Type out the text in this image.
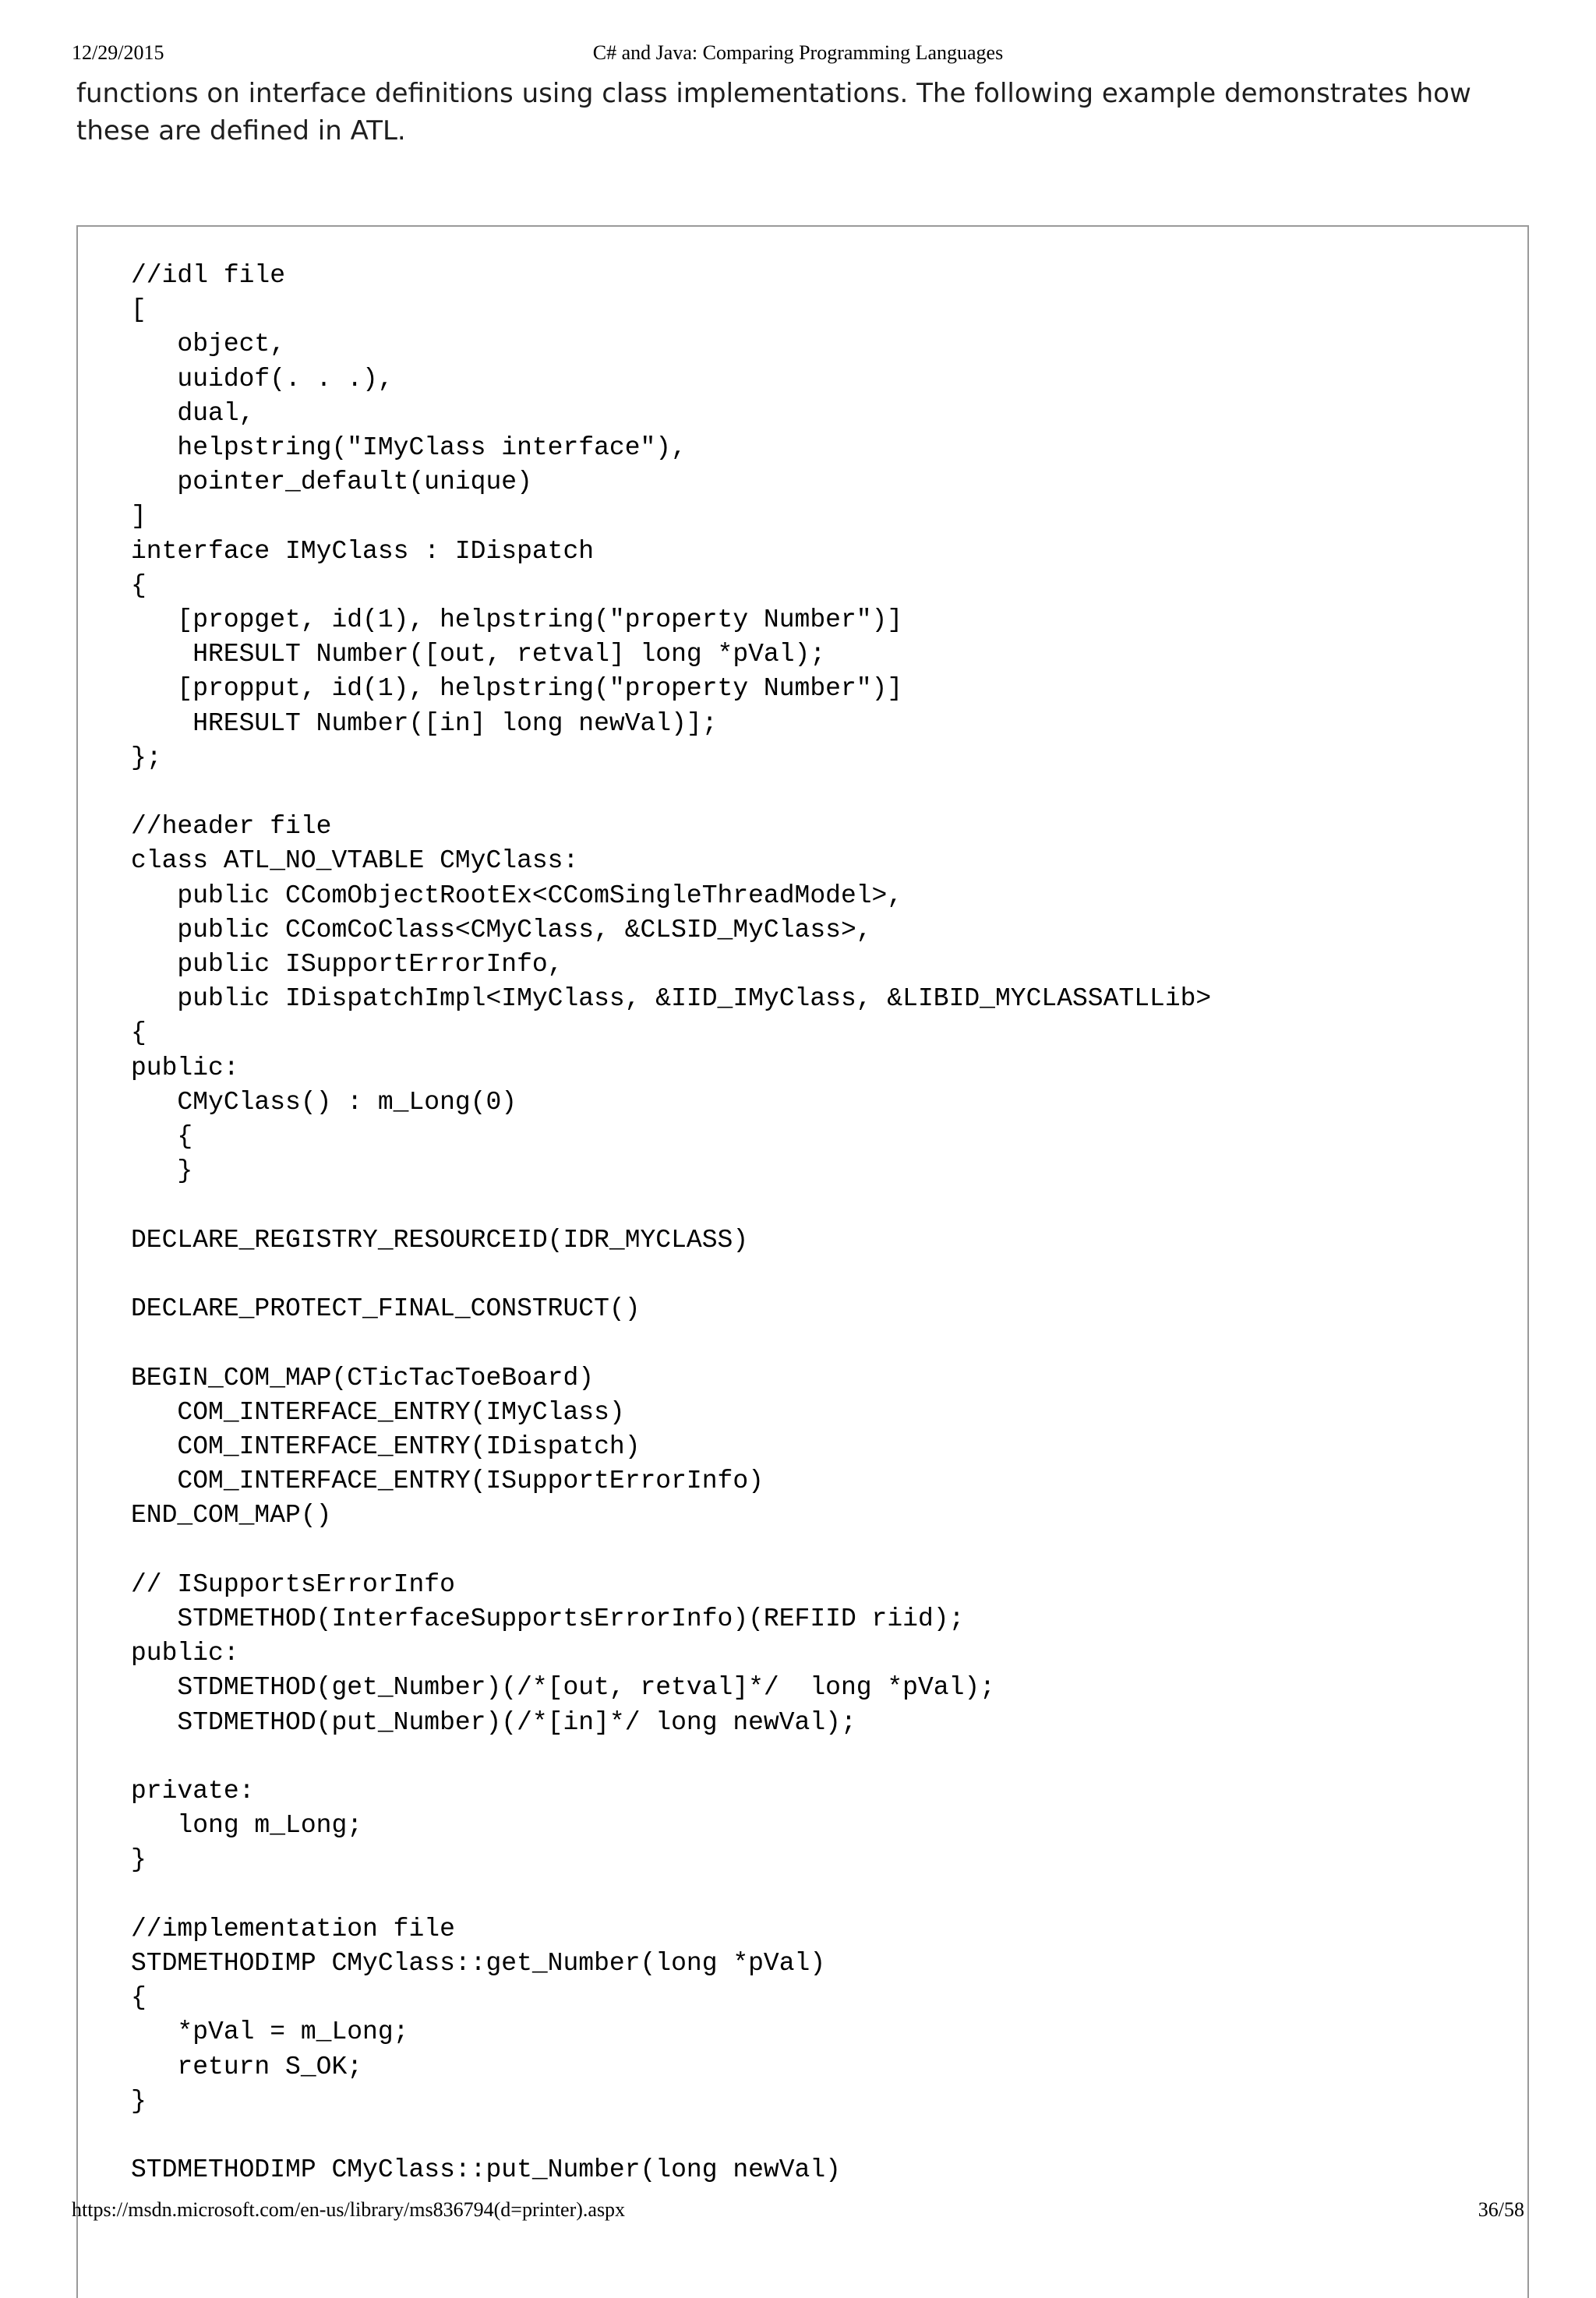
12/29/2015	C# and Java: Comparing Programming Languages

functions on interface definitions using class implementations. The following example demonstrates how these are defined in ATL.

//idl file
[
object,
uuidof(. . .),
dual,
helpstring("IMyClass interface"),
pointer_default(unique)
]
interface IMyClass : IDispatch
{
[propget, id(1), helpstring("property Number")]
HRESULT Number([out, retval] long *pVal);
[propput, id(1), helpstring("property Number")]
HRESULT Number([in] long newVal)];
};

//header file
class ATL_NO_VTABLE CMyClass:
public CComObjectRootEx<CComSingleThreadModel>,
public CComCoClass<CMyClass, &CLSID_MyClass>,
public ISupportErrorInfo,
public IDispatchImpl<IMyClass, &IID_IMyClass, &LIBID_MYCLASSATLLib>
{
public:
CMyClass() : m_Long(0)
{
}

DECLARE_REGISTRY_RESOURCEID(IDR_MYCLASS)

DECLARE_PROTECT_FINAL_CONSTRUCT()

BEGIN_COM_MAP(CTicTacToeBoard)
COM_INTERFACE_ENTRY(IMyClass)
COM_INTERFACE_ENTRY(IDispatch)
COM_INTERFACE_ENTRY(ISupportErrorInfo)
END_COM_MAP()

// ISupportsErrorInfo
STDMETHOD(InterfaceSupportsErrorInfo)(REFIID riid);
public:
STDMETHOD(get_Number)(/*[out, retval]*/  long *pVal);
STDMETHOD(put_Number)(/*[in]*/ long newVal);

private:
long m_Long;
}

//implementation file
STDMETHODIMP CMyClass::get_Number(long *pVal)
{
*pVal = m_Long;
return S_OK;
}

STDMETHODIMP CMyClass::put_Number(long newVal)
https://msdn.microsoft.com/en-us/library/ms836794(d=printer).aspx	36/58
